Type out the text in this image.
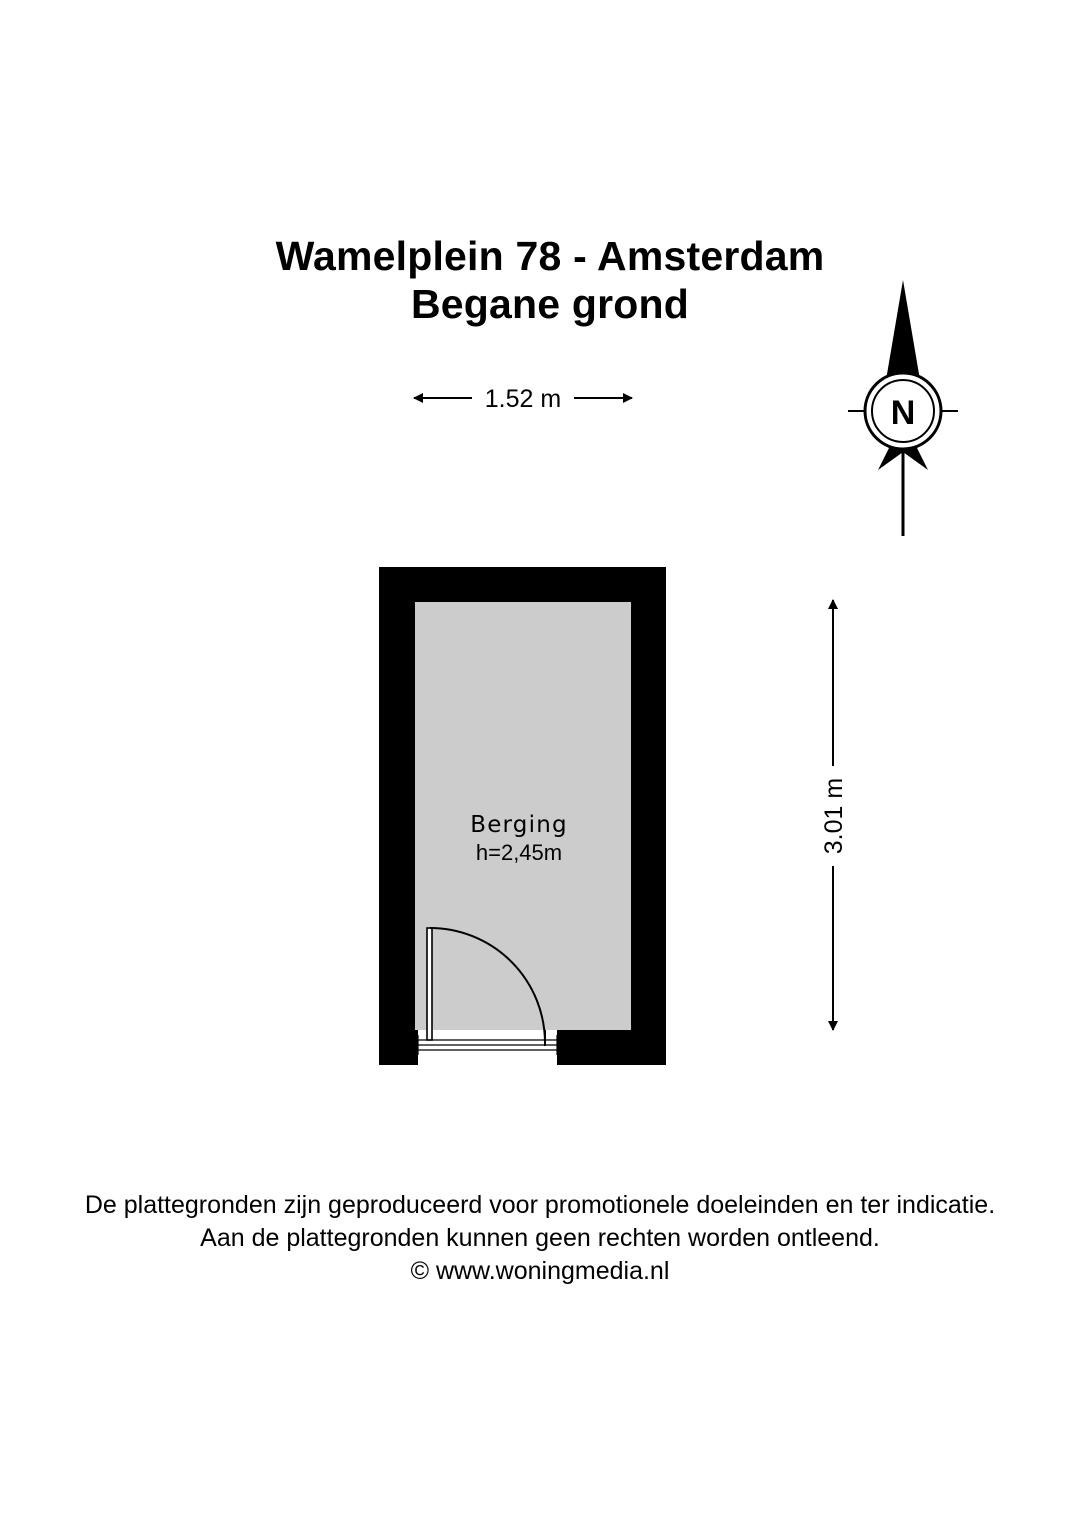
Wamelplein 78 - Amsterdam
Begane grond
1.52 m
3.01 m
Berging
h=2,45m
N
De plattegronden zijn geproduceerd voor promotionele doeleinden en ter indicatie.
Aan de plattegronden kunnen geen rechten worden ontleend.
© www.woningmedia.nl
